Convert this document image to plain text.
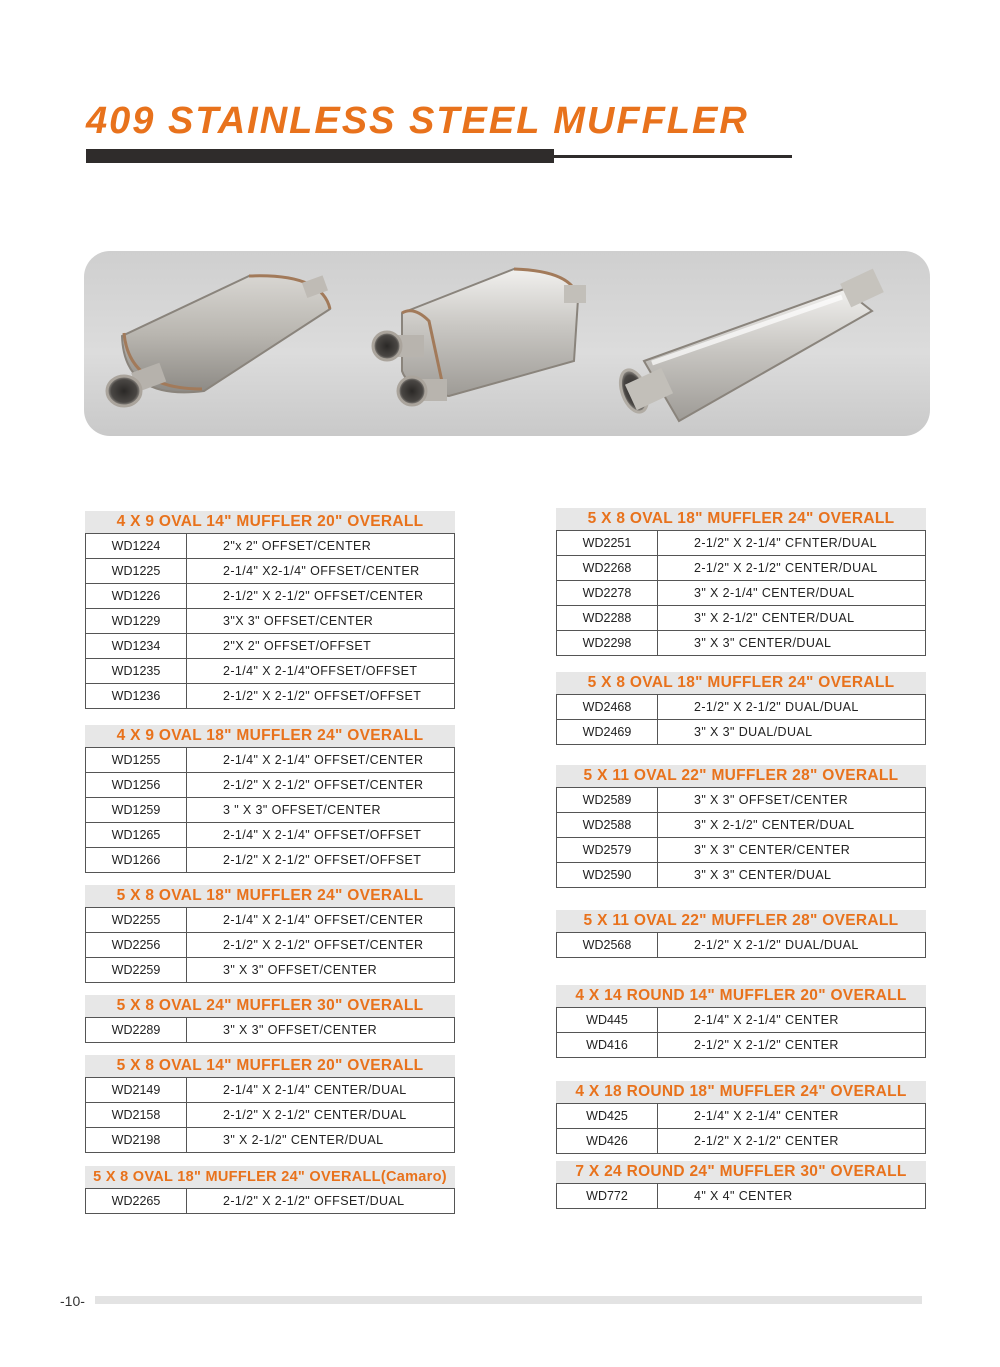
409 STAINLESS STEEL MUFFLER
4 X 9 OVAL 14" MUFFLER 20" OVERALL
WD1224	2"x 2" OFFSET/CENTER
WD1225	2-1/4" X2-1/4" OFFSET/CENTER
WD1226	2-1/2" X 2-1/2" OFFSET/CENTER
WD1229	3"X 3" OFFSET/CENTER
WD1234	2"X 2" OFFSET/OFFSET
WD1235	2-1/4" X 2-1/4"OFFSET/OFFSET
WD1236	2-1/2" X 2-1/2" OFFSET/OFFSET
4 X 9 OVAL 18" MUFFLER 24" OVERALL
WD1255	2-1/4" X 2-1/4" OFFSET/CENTER
WD1256	2-1/2" X 2-1/2" OFFSET/CENTER
WD1259	3 " X 3" OFFSET/CENTER
WD1265	2-1/4" X 2-1/4" OFFSET/OFFSET
WD1266	2-1/2" X 2-1/2" OFFSET/OFFSET
5 X 8 OVAL 18" MUFFLER 24" OVERALL
WD2255	2-1/4" X 2-1/4" OFFSET/CENTER
WD2256	2-1/2" X 2-1/2" OFFSET/CENTER
WD2259	3" X 3" OFFSET/CENTER
5 X 8 OVAL 24" MUFFLER 30" OVERALL
WD2289	3" X 3" OFFSET/CENTER
5 X 8 OVAL 14" MUFFLER 20" OVERALL
WD2149	2-1/4" X 2-1/4" CENTER/DUAL
WD2158	2-1/2" X 2-1/2" CENTER/DUAL
WD2198	3" X 2-1/2" CENTER/DUAL
5 X 8 OVAL 18" MUFFLER 24" OVERALL(Camaro)
WD2265	2-1/2" X 2-1/2" OFFSET/DUAL
5 X 8 OVAL 18" MUFFLER 24" OVERALL
WD2251	2-1/2" X 2-1/4" CFNTER/DUAL
WD2268	2-1/2" X 2-1/2" CENTER/DUAL
WD2278	3" X 2-1/4" CENTER/DUAL
WD2288	3" X 2-1/2" CENTER/DUAL
WD2298	3" X 3" CENTER/DUAL
5 X 8 OVAL 18" MUFFLER 24" OVERALL
WD2468	2-1/2" X 2-1/2" DUAL/DUAL
WD2469	3" X 3" DUAL/DUAL
5 X 11 OVAL 22" MUFFLER 28" OVERALL
WD2589	3" X 3" OFFSET/CENTER
WD2588	3" X 2-1/2" CENTER/DUAL
WD2579	3" X 3" CENTER/CENTER
WD2590	3" X 3" CENTER/DUAL
5 X 11 OVAL 22" MUFFLER 28" OVERALL
WD2568	2-1/2" X 2-1/2" DUAL/DUAL
4 X 14 ROUND 14" MUFFLER 20" OVERALL
WD445	2-1/4" X 2-1/4" CENTER
WD416	2-1/2" X 2-1/2" CENTER
4 X 18 ROUND 18" MUFFLER 24" OVERALL
WD425	2-1/4" X 2-1/4" CENTER
WD426	2-1/2" X 2-1/2" CENTER
7 X 24 ROUND 24" MUFFLER 30" OVERALL
WD772	4" X 4" CENTER
-10-
